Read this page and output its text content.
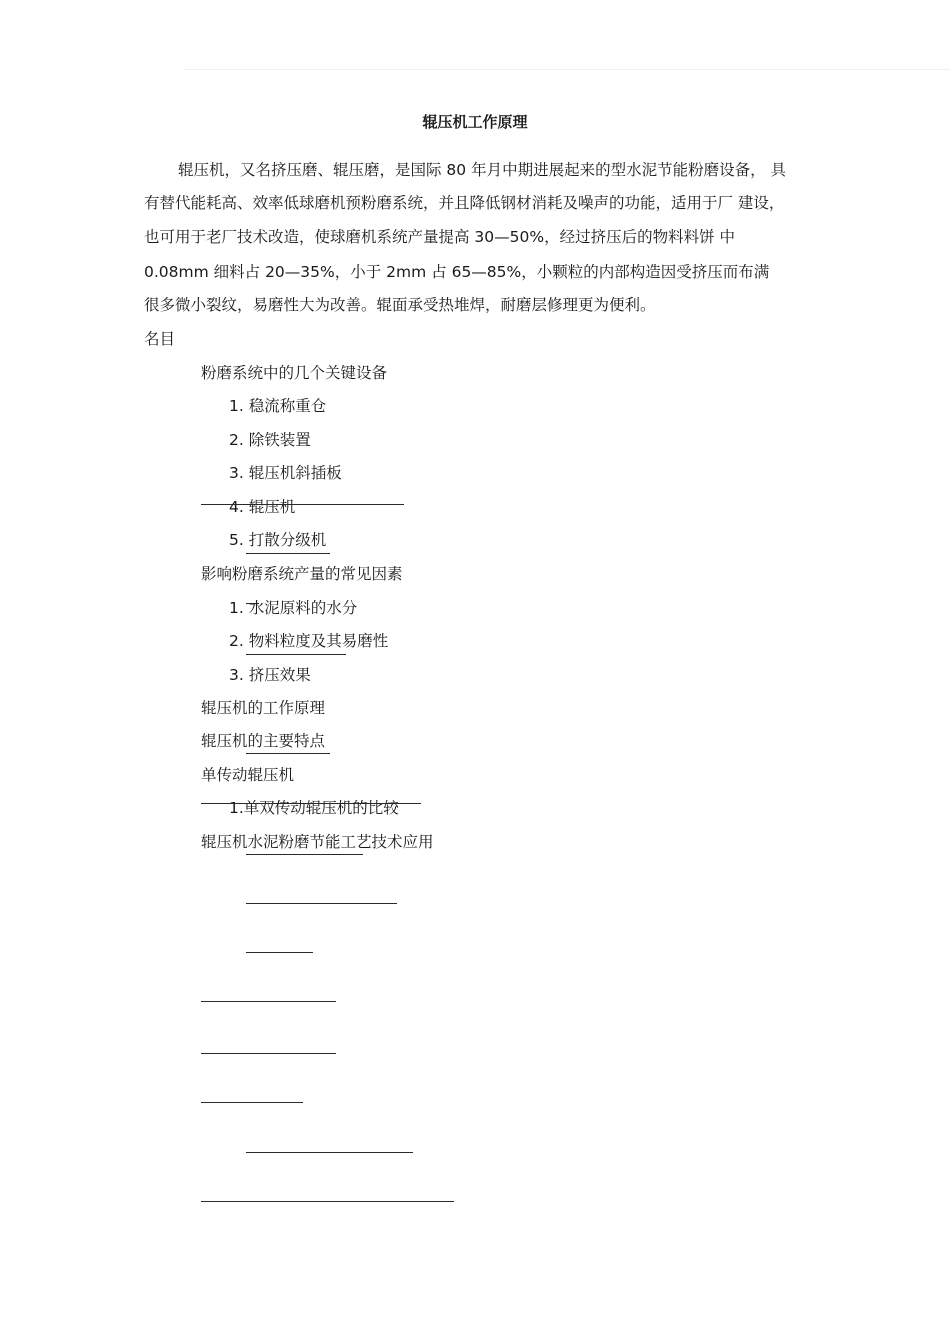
辊压机工作原理
辊压机，又名挤压磨、辊压磨，是国际 80 年月中期进展起来的型水泥节能粉磨设备， 具
有替代能耗高、效率低球磨机预粉磨系统，并且降低钢材消耗及噪声的功能，适用于厂 建设，
也可用于老厂技术改造，使球磨机系统产量提高 30—50%，经过挤压后的物料料饼 中
0.08mm 细料占 20—35%，小于 2mm 占 65—85%，小颗粒的内部构造因受挤压而布满
很多微小裂纹，易磨性大为改善。辊面承受热堆焊，耐磨层修理更为便利。
名目
粉磨系统中的几个关键设备
1. 稳流称重仓
2. 除铁装置
3. 辊压机斜插板
4. 辊压机
5. 打散分级机
影响粉磨系统产量的常见因素
1. 水泥原料的水分
2. 物料粒度及其易磨性
3. 挤压效果
辊压机的工作原理
辊压机的主要特点
单传动辊压机
1.单双传动辊压机的比较
辊压机水泥粉磨节能工艺技术应用
